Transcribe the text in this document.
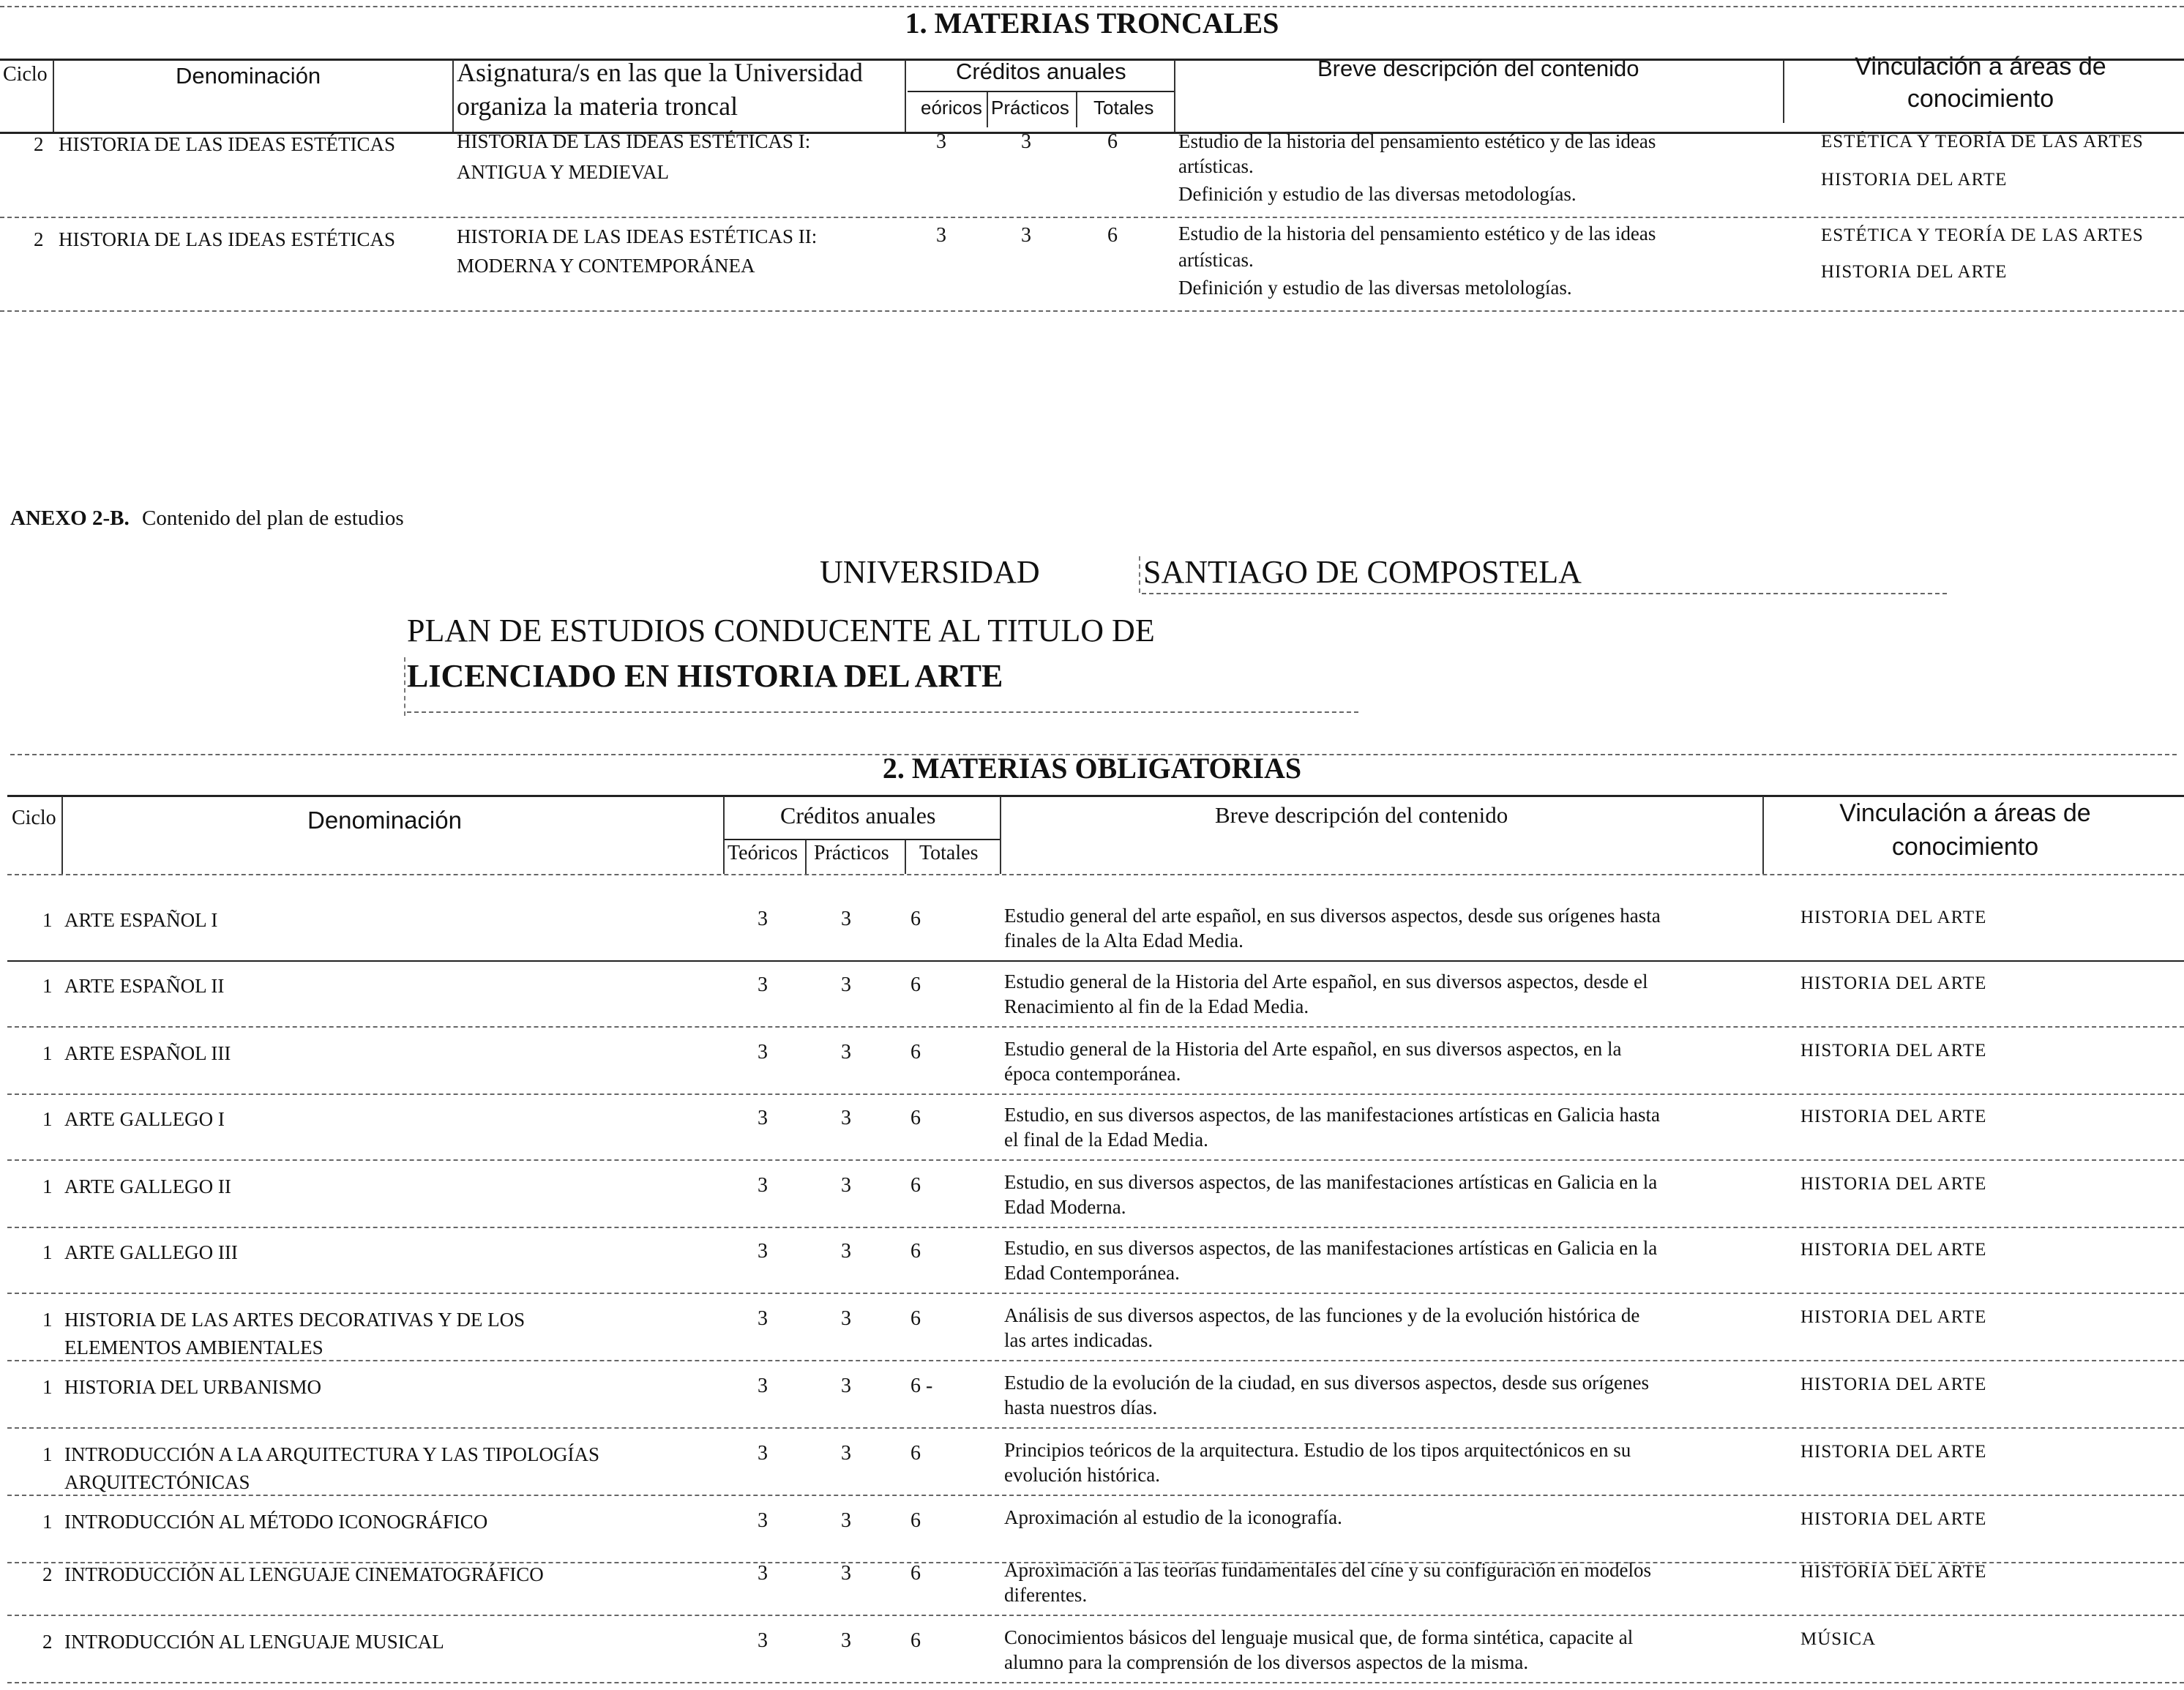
1. MATERIAS TRONCALES
Ciclo	Denominación	Asignatura/s en las que la Universidad
organiza la materia troncal
Créditos anuales
eóricos Prácticos Totales
Breve descripción del contenido	Vinculación a áreas de
conocimiento
2 HISTORIA DE LAS IDEAS ESTÉTICAS	HISTORIA DE LAS IDEAS ESTÉTICAS I:
ANTIGUA Y MEDIEVAL
3	3	6	Estudio de la historia del pensamiento estético y de las ideas
artísticas.
Definición y estudio de las diversas metodologías.
ESTÉTICA Y TEORÍA DE LAS ARTES
HISTORIA DEL ARTE
2 HISTORIA DE LAS IDEAS ESTÉTICAS	HISTORIA DE LAS IDEAS ESTÉTICAS II:
MODERNA Y CONTEMPORÁNEA
3	3	6	Estudio de la historia del pensamiento estético y de las ideas
artísticas.
Definición y estudio de las diversas metolologías.
ESTÉTICA Y TEORÍA DE LAS ARTES
HISTORIA DEL ARTE
ANEXO 2-B. Contenido del plan de estudios
UNIVERSIDAD	SANTIAGO DE COMPOSTELA
PLAN DE ESTUDIOS CONDUCENTE AL TITULO DE
LICENCIADO EN HISTORIA DEL ARTE
2. MATERIAS OBLIGATORIAS
Ciclo	Denominación	Créditos anuales
Teóricos Prácticos Totales
Breve descripción del contenido	Vinculación a áreas de
conocimiento
1 ARTE ESPAÑOL I	3	3	6	Estudio general del arte español, en sus diversos aspectos, desde sus orígenes hasta
finales de la Alta Edad Media.
HISTORIA DEL ARTE
1 ARTE ESPAÑOL II	3	3	6	Estudio general de la Historia del Arte español, en sus diversos aspectos, desde el
Renacimiento al fin de la Edad Media.
HISTORIA DEL ARTE
1 ARTE ESPAÑOL III	3	3	6	Estudio general de la Historia del Arte español, en sus diversos aspectos, en la
época contemporánea.
HISTORIA DEL ARTE
1 ARTE GALLEGO I	3	3	6	Estudio, en sus diversos aspectos, de las manifestaciones artísticas en Galicia hasta
el final de la Edad Media.
HISTORIA DEL ARTE
1 ARTE GALLEGO II	3	3	6	Estudio, en sus diversos aspectos, de las manifestaciones artísticas en Galicia en la
Edad Moderna.
HISTORIA DEL ARTE
1 ARTE GALLEGO III	3	3	6	Estudio, en sus diversos aspectos, de las manifestaciones artísticas en Galicia en la
Edad Contemporánea.
HISTORIA DEL ARTE
1 HISTORIA DE LAS ARTES DECORATIVAS Y DE LOS
ELEMENTOS AMBIENTALES
3	3	6	Análisis de sus diversos aspectos, de las funciones y de la evolución histórica de
las artes indicadas.
HISTORIA DEL ARTE
1 HISTORIA DEL URBANISMO	3	3	6 -	Estudio de la evolución de la ciudad, en sus diversos aspectos, desde sus orígenes
hasta nuestros días.
HISTORIA DEL ARTE
1 INTRODUCCIÓN A LA ARQUITECTURA Y LAS TIPOLOGÍAS
ARQUITECTÓNICAS
3	3	6	Principios teóricos de la arquitectura. Estudio de los tipos arquitectónicos en su
evolución histórica.
HISTORIA DEL ARTE
1 INTRODUCCIÓN AL MÉTODO ICONOGRÁFICO	3	3	6	Aproximación al estudio de la iconografía.	HISTORIA DEL ARTE
2 INTRODUCCIÓN AL LENGUAJE CINEMATOGRÁFICO	3	3	6	Aproximación a las teorías fundamentales del cine y su configuración en modelos
diferentes.
HISTORIA DEL ARTE
2 INTRODUCCIÓN AL LENGUAJE MUSICAL	3	3	6	Conocimientos básicos del lenguaje musical que, de forma sintética, capacite al
alumno para la comprensión de los diversos aspectos de la misma.
MÚSICA
